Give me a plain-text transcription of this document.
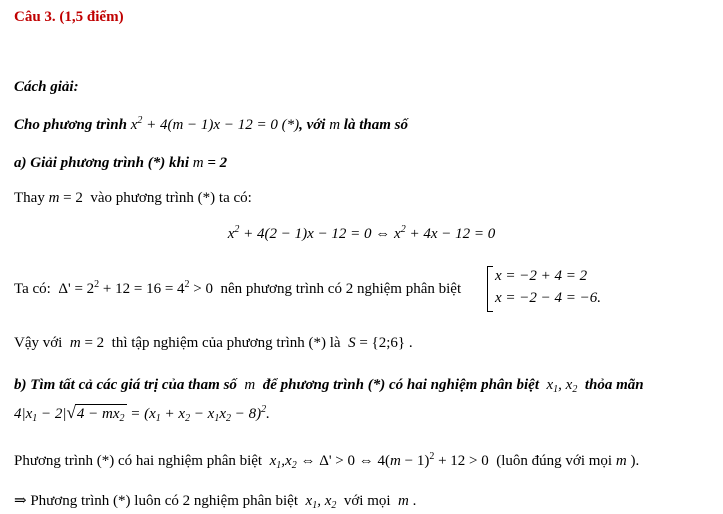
Câu 3. (1,5 điểm)
Cách giải:
Cho phương trình $x^2 + 4(m - 1)x - 12 = 0$ (*), với m là tham số
a) Giải phương trình (*) khi m = 2
Thay m = 2  vào phương trình (*) ta có:
$x^2 + 4(2 - 1)x - 12 = 0$ ⇔ $x^2 + 4x - 12 = 0$
Ta có:  $\Delta' = 2^2 + 12 = 16 = 4^2 > 0$  nên phương trình có 2 nghiệm phân biệt
x = −2 + 4 = 2
x = −2 − 4 = −6.
Vậy với  m = 2  thì tập nghiệm của phương trình (*) là  S = {2;6} .
b) Tìm tất cả các giá trị của tham số  m  để phương trình (*) có hai nghiệm phân biệt  $x_1$, $x_2$  thỏa mãn
$4|x_1 - 2|√4 - mx_2 = (x_1 + x_2 - x_1x_2 - 8)^2$.
Phương trình (*) có hai nghiệm phân biệt  $x_1,x_2$ ⇔ Δ' > 0 ⇔ $4(m - 1)^2 + 12 > 0$  (luôn đúng với mọi m ).
⇒ Phương trình (*) luôn có 2 nghiệm phân biệt  $x_1$, $x_2$  với mọi  m .
